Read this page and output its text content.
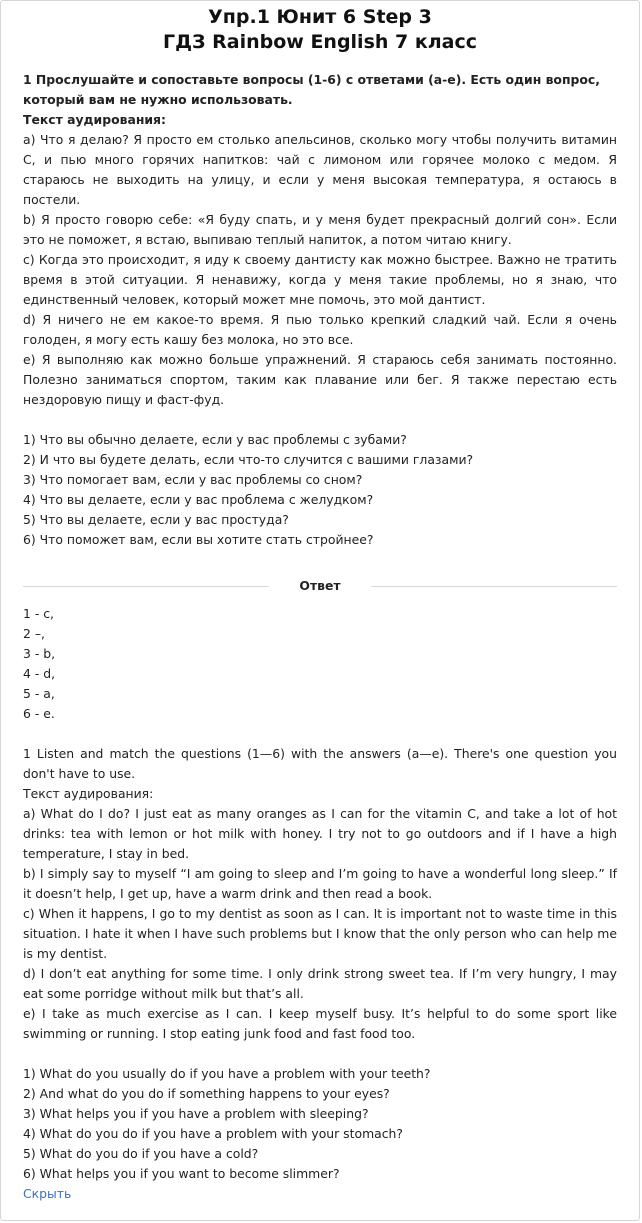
Упр.1 Юнит 6 Step 3
ГДЗ Rainbow English 7 класс
1 Прослушайте и сопоставьте вопросы (1-6) с ответами (a-e). Есть один вопрос, который вам не нужно использовать.
Текст аудирования:
a) Что я делаю? Я просто ем столько апельсинов, сколько могу чтобы получить витамин С, и пью много горячих напитков: чай с лимоном или горячее молоко с медом. Я стараюсь не выходить на улицу, и если у меня высокая температура, я остаюсь в постели.
b) Я просто говорю себе: «Я буду спать, и у меня будет прекрасный долгий сон». Если это не поможет, я встаю, выпиваю теплый напиток, а потом читаю книгу.
c) Когда это происходит, я иду к своему дантисту как можно быстрее. Важно не тратить время в этой ситуации. Я ненавижу, когда у меня такие проблемы, но я знаю, что единственный человек, который может мне помочь, это мой дантист.
d) Я ничего не ем какое-то время. Я пью только крепкий сладкий чай. Если я очень голоден, я могу есть кашу без молока, но это все.
e) Я выполняю как можно больше упражнений. Я стараюсь себя занимать постоянно. Полезно заниматься спортом, таким как плавание или бег. Я также перестаю есть нездоровую пищу и фаст-фуд.
1) Что вы обычно делаете, если у вас проблемы с зубами?
2) И что вы будете делать, если что-то случится с вашими глазами?
3) Что помогает вам, если у вас проблемы со сном?
4) Что вы делаете, если у вас проблема с желудком?
5) Что вы делаете, если у вас простуда?
6) Что поможет вам, если вы хотите стать стройнее?
Ответ
1 - c,
2 –,
3 - b,
4 - d,
5 - a,
6 - e.
1 Listen and match the questions (1—6) with the answers (a—e). There's one question you don't have to use.
Текст аудирования:
a) What do I do? I just eat as many oranges as I can for the vitamin C, and take a lot of hot drinks: tea with lemon or hot milk with honey. I try not to go outdoors and if I have a high temperature, I stay in bed.
b) I simply say to myself “I am going to sleep and I’m going to have a wonderful long sleep.” If it doesn’t help, I get up, have a warm drink and then read a book.
c) When it happens, I go to my dentist as soon as I can. It is important not to waste time in this situation. I hate it when I have such problems but I know that the only person who can help me is my dentist.
d) I don’t eat anything for some time. I only drink strong sweet tea. If I’m very hungry, I may eat some porridge without milk but that’s all.
e) I take as much exercise as I can. I keep myself busy. It’s helpful to do some sport like swimming or running. I stop eating junk food and fast food too.
1) What do you usually do if you have a problem with your teeth?
2) And what do you do if something happens to your eyes?
3) What helps you if you have a problem with sleeping?
4) What do you do if you have a problem with your stomach?
5) What do you do if you have a cold?
6) What helps you if you want to become slimmer?
Скрыть
